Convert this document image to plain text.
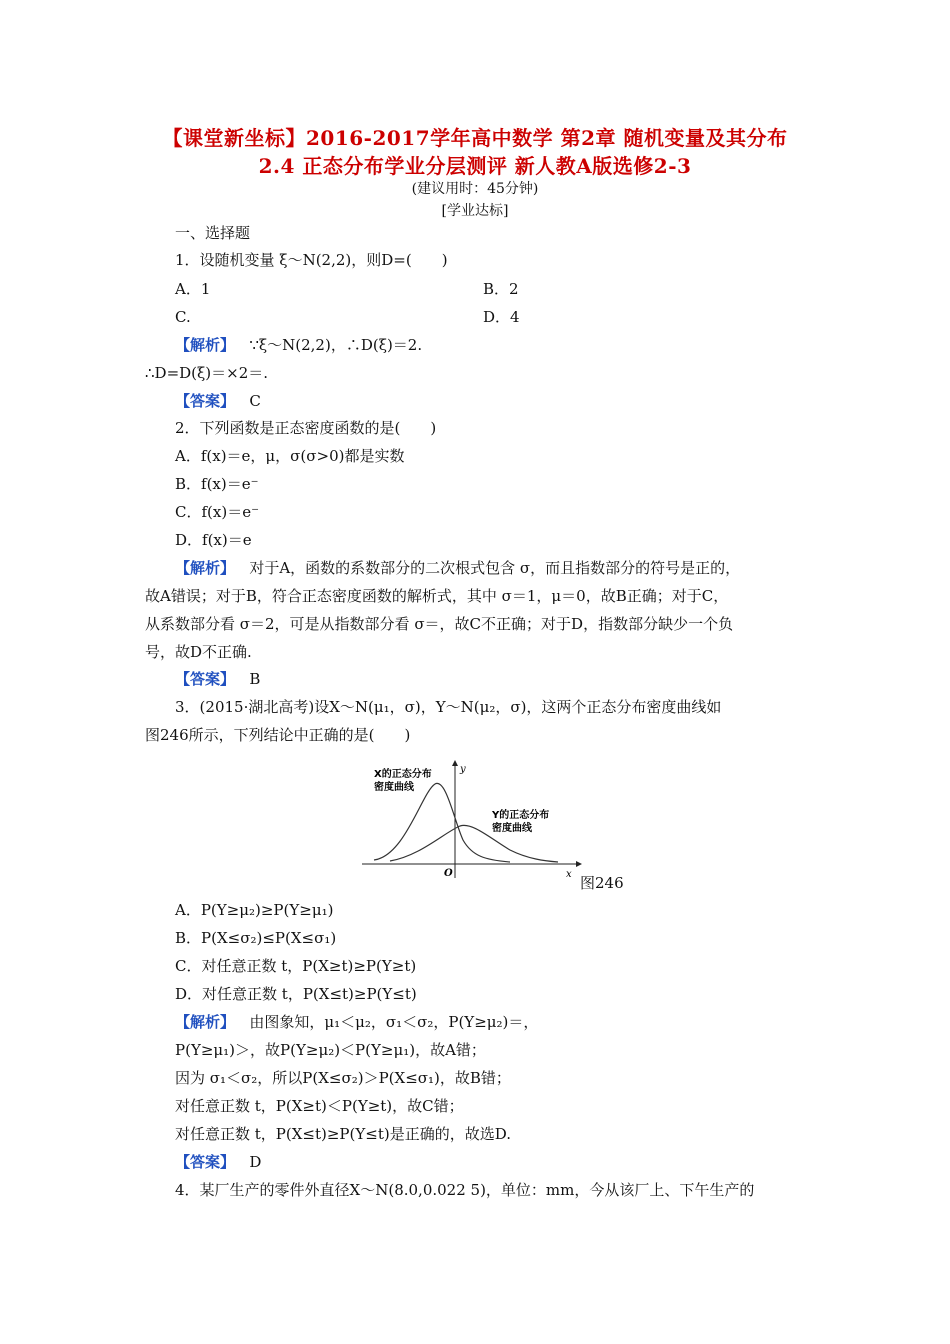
【课堂新坐标】2016-2017学年高中数学 第2章 随机变量及其分布
2.4 正态分布学业分层测评 新人教A版选修2-3
(建议用时：45分钟)
[学业达标]
一、选择题
1．设随机变量 ξ～N(2,2)，则D=(　　)
A．1	B．2
C.	D．4
【解析】 ∵ξ～N(2,2)，∴D(ξ)＝2.
∴D=D(ξ)＝×2＝.
【答案】 C
2．下列函数是正态密度函数的是(　　)
A．f(x)＝e，μ，σ(σ>0)都是实数
B．f(x)＝e⁻
C．f(x)＝e⁻
D．f(x)＝e
【解析】 对于A，函数的系数部分的二次根式包含 σ，而且指数部分的符号是正的，
故A错误；对于B，符合正态密度函数的解析式，其中 σ＝1，μ＝0，故B正确；对于C，
从系数部分看 σ＝2，可是从指数部分看 σ＝，故C不正确；对于D，指数部分缺少一个负
号，故D不正确.
【答案】 B
3．(2015·湖北高考)设X～N(μ₁，σ)，Y～N(μ₂，σ)，这两个正态分布密度曲线如
图246所示，下列结论中正确的是(　　)
X的正态分布
密度曲线
Y的正态分布
密度曲线
y
x
O
图246
A．P(Y≥μ₂)≥P(Y≥μ₁)
B．P(X≤σ₂)≤P(X≤σ₁)
C．对任意正数 t，P(X≥t)≥P(Y≥t)
D．对任意正数 t，P(X≤t)≥P(Y≤t)
【解析】 由图象知，μ₁＜μ₂，σ₁＜σ₂，P(Y≥μ₂)＝，
P(Y≥μ₁)＞，故P(Y≥μ₂)＜P(Y≥μ₁)，故A错；
因为 σ₁＜σ₂，所以P(X≤σ₂)＞P(X≤σ₁)，故B错；
对任意正数 t，P(X≥t)＜P(Y≥t)，故C错；
对任意正数 t，P(X≤t)≥P(Y≤t)是正确的，故选D.
【答案】 D
4．某厂生产的零件外直径X～N(8.0,0.022 5)，单位：mm，今从该厂上、下午生产的
